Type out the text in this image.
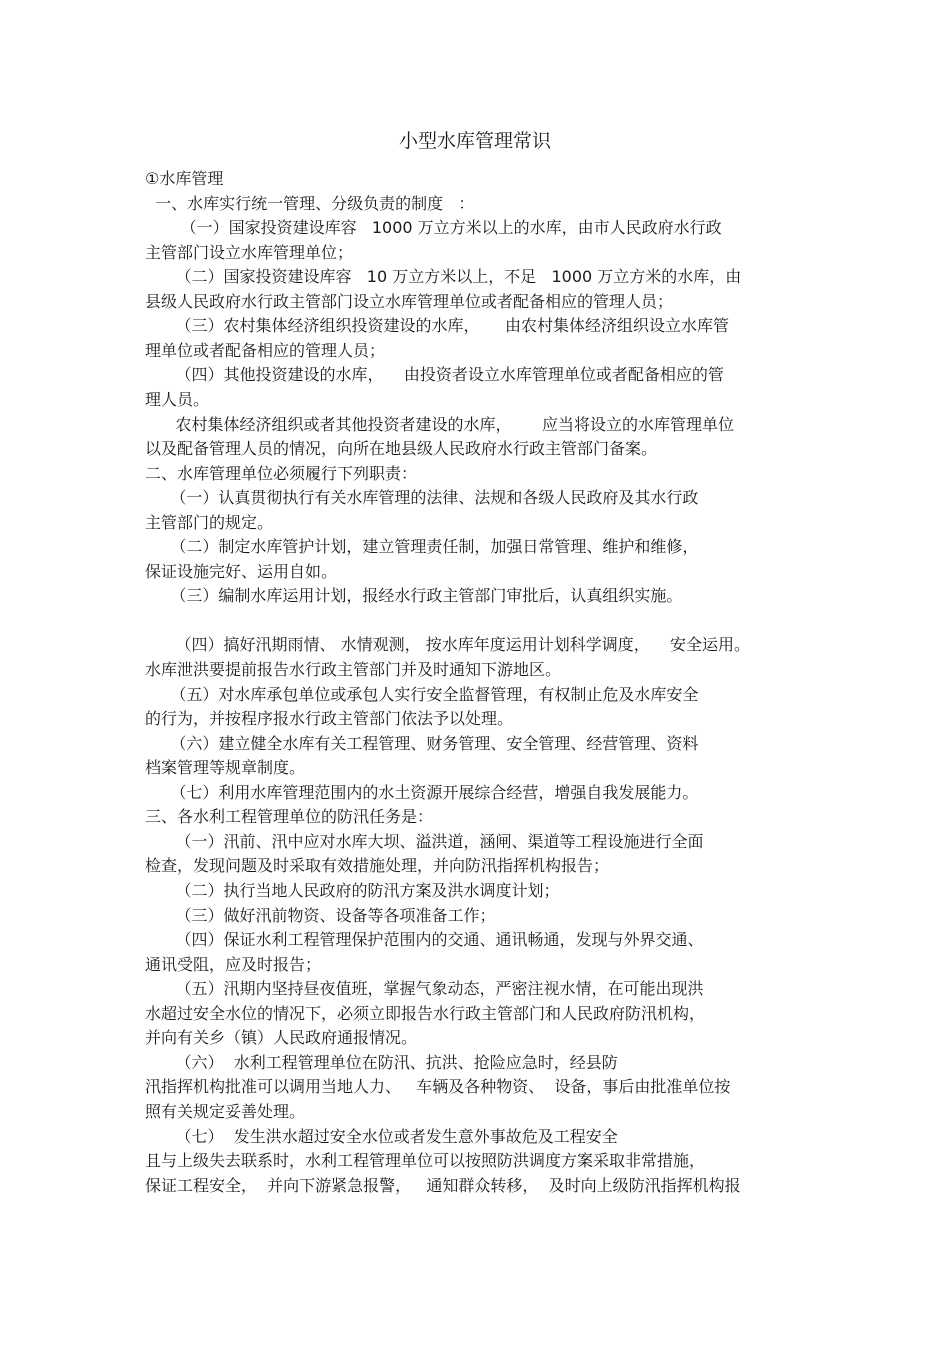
小型水库管理常识
①水库管理
一、水库实行统一管理、分级负责的制度   ：
（一）国家投资建设库容   1000 万立方米以上的水库，由市人民政府水行政
主管部门设立水库管理单位；
（二）国家投资建设库容   10 万立方米以上，不足   1000 万立方米的水库，由
县级人民政府水行政主管部门设立水库管理单位或者配备相应的管理人员；
（三）农村集体经济组织投资建设的水库，     由农村集体经济组织设立水库管
理单位或者配备相应的管理人员；
（四）其他投资建设的水库，    由投资者设立水库管理单位或者配备相应的管
理人员。
农村集体经济组织或者其他投资者建设的水库，      应当将设立的水库管理单位
以及配备管理人员的情况，向所在地县级人民政府水行政主管部门备案。
二、水库管理单位必须履行下列职责：
（一）认真贯彻执行有关水库管理的法律、法规和各级人民政府及其水行政
主管部门的规定。
（二）制定水库管护计划，建立管理责任制，加强日常管理、维护和维修，
保证设施完好、运用自如。
（三）编制水库运用计划，报经水行政主管部门审批后，认真组织实施。
（四）搞好汛期雨情、 水情观测， 按水库年度运用计划科学调度，    安全运用。
水库泄洪要提前报告水行政主管部门并及时通知下游地区。
（五）对水库承包单位或承包人实行安全监督管理，有权制止危及水库安全
的行为，并按程序报水行政主管部门依法予以处理。
（六）建立健全水库有关工程管理、财务管理、安全管理、经营管理、资料
档案管理等规章制度。
（七）利用水库管理范围内的水土资源开展综合经营，增强自我发展能力。
三、各水利工程管理单位的防汛任务是：
（一）汛前、汛中应对水库大坝、溢洪道，涵闸、渠道等工程设施进行全面
检查，发现问题及时采取有效措施处理，并向防汛指挥机构报告；
（二）执行当地人民政府的防汛方案及洪水调度计划；
（三）做好汛前物资、设备等各项准备工作；
（四）保证水利工程管理保护范围内的交通、通讯畅通，发现与外界交通、
通讯受阻，应及时报告；
（五）汛期内坚持昼夜值班，掌握气象动态，严密注视水情，在可能出现洪
水超过安全水位的情况下，必须立即报告水行政主管部门和人民政府防汛机构，
并向有关乡（镇）人民政府通报情况。
（六）  水利工程管理单位在防汛、抗洪、抢险应急时，经县防
汛指挥机构批准可以调用当地人力、   车辆及各种物资、  设备，事后由批准单位按
照有关规定妥善处理。
（七）  发生洪水超过安全水位或者发生意外事故危及工程安全
且与上级失去联系时，水利工程管理单位可以按照防洪调度方案采取非常措施，
保证工程安全，  并向下游紧急报警，   通知群众转移，  及时向上级防汛指挥机构报
